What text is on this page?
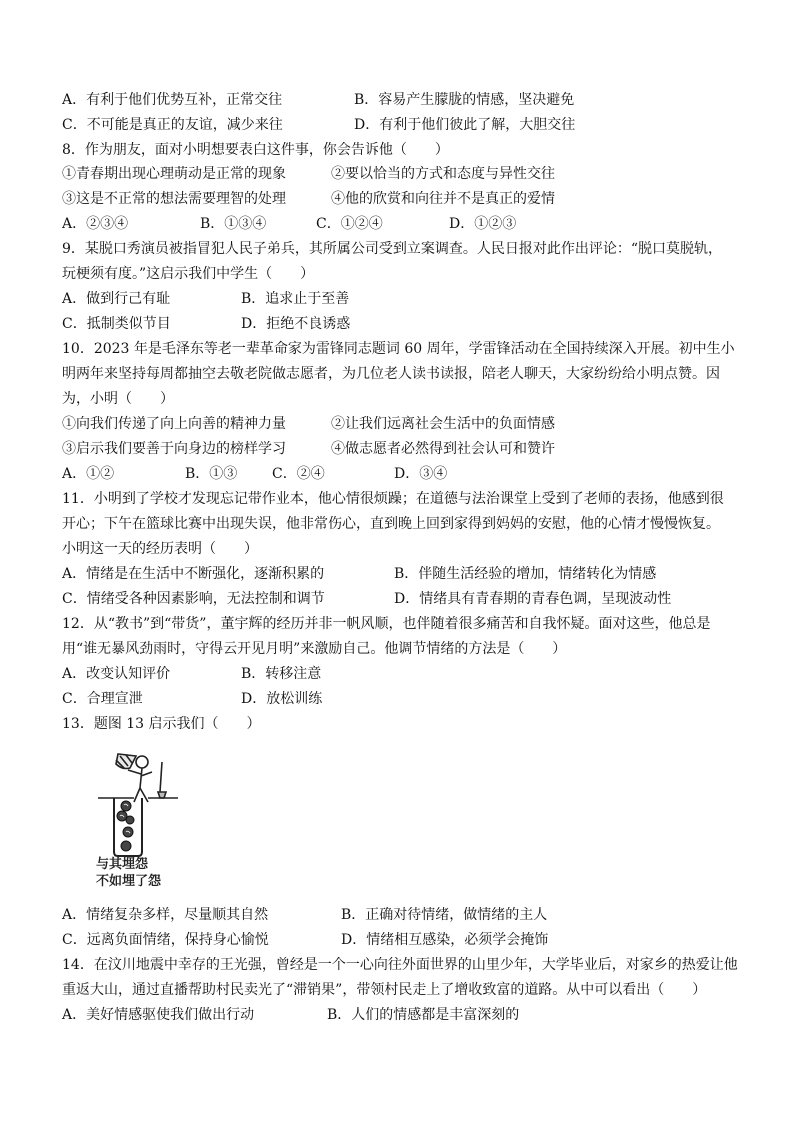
A．有利于他们优势互补，正常交往	B．容易产生朦胧的情感，坚决避免
C．不可能是真正的友谊，减少来往	D．有利于他们彼此了解，大胆交往
8．作为朋友，面对小明想要表白这件事，你会告诉他（　　）
①青春期出现心理萌动是正常的现象	②要以恰当的方式和态度与异性交往
③这是不正常的想法需要理智的处理	④他的欣赏和向往并不是真正的爱情
A．②③④	B．①③④	C．①②④	D．①②③
9．某脱口秀演员被指冒犯人民子弟兵，其所属公司受到立案调查。人民日报对此作出评论：“脱口莫脱轨，
玩梗须有度。”这启示我们中学生（　　）
A．做到行己有耻	B．追求止于至善
C．抵制类似节目	D．拒绝不良诱惑
10．2023 年是毛泽东等老一辈革命家为雷锋同志题词 60 周年，学雷锋活动在全国持续深入开展。初中生小
明两年来坚持每周都抽空去敬老院做志愿者，为几位老人读书读报，陪老人聊天，大家纷纷给小明点赞。因
为，小明（　　）
①向我们传递了向上向善的精神力量	②让我们远离社会生活中的负面情感
③启示我们要善于向身边的榜样学习	④做志愿者必然得到社会认可和赞许
A．①②	B．①③ C．②④	D．③④
11．小明到了学校才发现忘记带作业本，他心情很烦躁；在道德与法治课堂上受到了老师的表扬，他感到很
开心；下午在篮球比赛中出现失误，他非常伤心，直到晚上回到家得到妈妈的安慰，他的心情才慢慢恢复。
小明这一天的经历表明（　　）
A．情绪是在生活中不断强化，逐渐积累的	B．伴随生活经验的增加，情绪转化为情感
C．情绪受各种因素影响，无法控制和调节	D．情绪具有青春期的青春色调，呈现波动性
12．从“教书”到“带货”，董宇辉的经历并非一帆风顺，也伴随着很多痛苦和自我怀疑。面对这些，他总是
用“谁无暴风劲雨时，守得云开见月明”来激励自己。他调节情绪的方法是（　　）
A．改变认知评价	B．转移注意
C．合理宣泄	D．放松训练
13．题图 13 启示我们（　　）
与其埋怨
不如埋了怨
A．情绪复杂多样，尽量顺其自然	B．正确对待情绪，做情绪的主人
C．远离负面情绪，保持身心愉悦	D．情绪相互感染，必须学会掩饰
14．在汶川地震中幸存的王光强，曾经是一个一心向往外面世界的山里少年，大学毕业后，对家乡的热爱让他
重返大山，通过直播帮助村民卖光了“滞销果”，带领村民走上了增收致富的道路。从中可以看出（　　）
A．美好情感驱使我们做出行动	B．人们的情感都是丰富深刻的
